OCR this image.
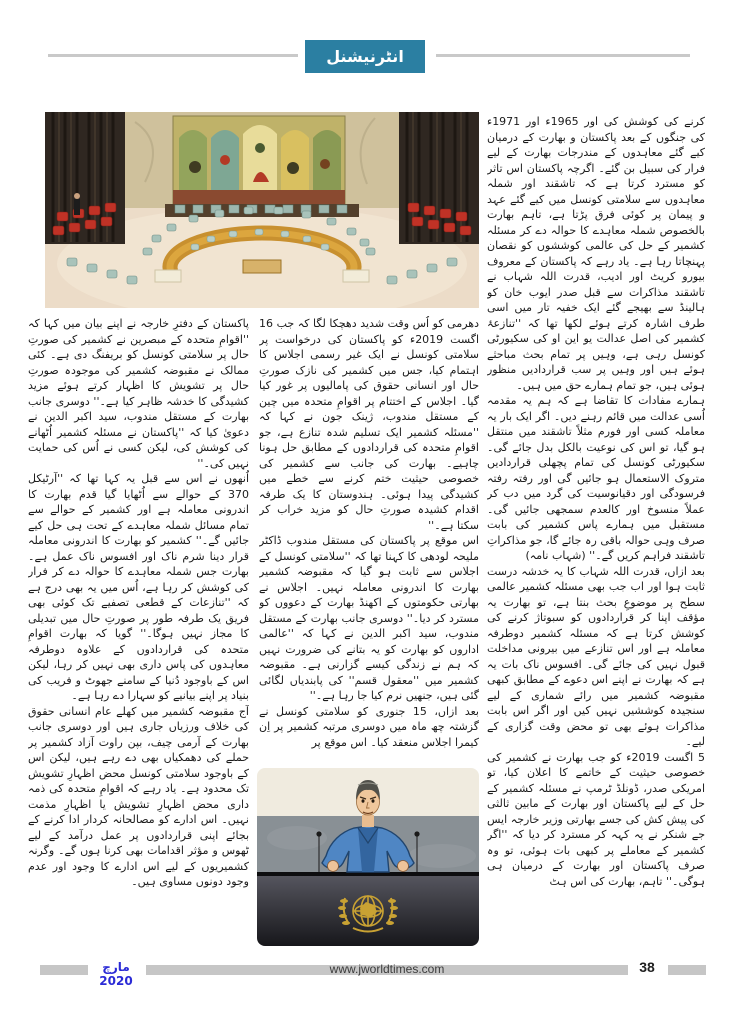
انٹرنیشنل

کرنے کی کوشش کی اور 1965ء اور 1971ء کی جنگوں کے بعد پاکستان و بھارت کے درمیان کیے گئے معاہدوں کے مندرجات بھارت کے لیے فرار کی سبیل بن گئے۔ اگرچہ پاکستان اس تاثر کو مسترد کرتا ہے کہ تاشقند اور شملہ معاہدوں سے سلامتی کونسل میں کیے گئے عہد و پیمان پر کوئی فرق پڑتا ہے، تاہم بھارت بالخصوص شملہ معاہدے کا حوالہ دے کر مسئلہ کشمیر کے حل کی عالمی کوششوں کو نقصان پہنچاتا رہا ہے۔ یاد رہے کہ پاکستان کے معروف بیورو کریٹ اور ادیب، قدرت اللہ شہاب نے تاشقند مذاکرات سے قبل صدر ایوب خان کو ہالینڈ سے بھیجے گئے ایک خفیہ تار میں اسی طرف اشارہ کرتے ہوئے لکھا تھا کہ ''تنازعۂ کشمیر کی اصل عدالت یو این او کی سکیورٹی کونسل رہی ہے، وہیں پر تمام بحث مباحثے ہوئے ہیں اور وہیں پر سب قراردادیں منظور ہوئی ہیں، جو تمام ہمارے حق میں ہیں۔

ہمارے مفادات کا تقاضا ہے کہ ہم یہ مقدمہ اُسی عدالت میں قائم رہنے دیں۔ اگر ایک بار یہ معاملہ کسی اور فورم مثلاً تاشقند میں منتقل ہو گیا، تو اس کی نوعیت بالکل بدل جائے گی۔ سکیورٹی کونسل کی تمام پچھلی قراردادیں متروک الاستعمال ہو جائیں گی اور رفتہ رفتہ فرسودگی اور دقیانوسیت کی گرد میں دب کر عملاً منسوخ اور کالعدم سمجھی جائیں گی۔ مستقبل میں ہمارے پاس کشمیر کی بابت صرف وہی حوالہ باقی رہ جائے گا، جو مذاکراتِ تاشقند فراہم کریں گے۔'' (شہاب نامہ)

بعد ازاں، قدرت اللہ شہاب کا یہ خدشہ درست ثابت ہوا اور اب جب بھی مسئلہ کشمیر عالمی سطح پر موضوعِ بحث بنتا ہے، تو بھارت یہ مؤقف اپنا کر قراردادوں کو سبوتاژ کرنے کی کوشش کرتا ہے کہ مسئلہ کشمیر دوطرفہ معاملہ ہے اور اس تنازعے میں بیرونی مداخلت قبول نہیں کی جائے گی۔ افسوس ناک بات یہ ہے کہ بھارت نے اپنے اس دعوے کے مطابق کبھی مقبوضہ کشمیر میں رائے شماری کے لیے سنجیدہ کوششیں نہیں کیں اور اگر اس بابت مذاکرات ہوئے بھی تو محض وقت گزاری کے لیے۔

5 اگست 2019ء کو جب بھارت نے کشمیر کی خصوصی حیثیت کے خاتمے کا اعلان کیا، تو امریکی صدر، ڈونلڈ ٹرمپ نے مسئلہ کشمیر کے حل کے لیے پاکستان اور بھارت کے مابین ثالثی کی پیش کش کی جسے بھارتی وزیر خارجہ ایس جے شنکر نے یہ کہہ کر مسترد کر دیا کہ ''اگر کشمیر کے معاملے پر کبھی بات ہوئی، تو وہ صرف پاکستان اور بھارت کے درمیان ہی ہوگی۔'' تاہم، بھارت کی اس ہٹ

دھرمی کو اُس وقت شدید دھچکا لگا کہ جب 16 اگست 2019ء کو پاکستان کی درخواست پر سلامتی کونسل نے ایک غیر رسمی اجلاس کا اہتمام کیا، جس میں کشمیر کی نازک صورتِ حال اور انسانی حقوق کی پامالیوں پر غور کیا گیا۔ اجلاس کے اختتام پر اقوامِ متحدہ میں چین کے مستقل مندوب، ژینک جون نے کہا کہ ''مسئلہ کشمیر ایک تسلیم شدہ تنازع ہے، جو اقوامِ متحدہ کی قراردادوں کے مطابق حل ہونا چاہیے۔ بھارت کی جانب سے کشمیر کی خصوصی حیثیت ختم کرنے سے خطے میں کشیدگی پیدا ہوئی۔ ہندوستان کا یک طرفہ اقدام کشیدہ صورتِ حال کو مزید خراب کر سکتا ہے۔''

اس موقع پر پاکستان کی مستقل مندوب ڈاکٹر ملیحہ لودھی کا کہنا تھا کہ ''سلامتی کونسل کے اجلاس سے ثابت ہو گیا کہ مقبوضہ کشمیر بھارت کا اندرونی معاملہ نہیں۔ اجلاس نے بھارتی حکومتوں کے اکھنڈ بھارت کے دعووں کو مسترد کر دیا۔'' دوسری جانب بھارت کے مستقل مندوب، سید اکبر الدین نے کہا کہ ''عالمی اداروں کو بھارت کو یہ بتانے کی ضرورت نہیں کہ ہم نے زندگی کیسے گزارنی ہے۔ مقبوضہ کشمیر میں ''معقول قسم'' کی پابندیاں لگائی گئی ہیں، جنھیں نرم کیا جا رہا ہے۔''

بعد ازاں، 15 جنوری کو سلامتی کونسل نے گزشتہ چھ ماہ میں دوسری مرتبہ کشمیر پر اِن کیمرا اجلاس منعقد کیا۔ اس موقع پر

پاکستان کے دفترِ خارجہ نے اپنے بیان میں کہا کہ ''اقوامِ متحدہ کے مبصرین نے کشمیر کی صورتِ حال پر سلامتی کونسل کو بریفنگ دی ہے۔ کئی ممالک نے مقبوضہ کشمیر کی موجودہ صورتِ حال پر تشویش کا اظہار کرتے ہوئے مزید کشیدگی کا خدشہ ظاہر کیا ہے۔'' دوسری جانب بھارت کے مستقل مندوب، سید اکبر الدین نے دعویٰ کیا کہ ''پاکستان نے مسئلہ کشمیر اُٹھانے کی کوشش کی، لیکن کسی نے اُس کی حمایت نہیں کی۔''

اُنھوں نے اس سے قبل یہ کہا تھا کہ ''آرٹیکل 370 کے حوالے سے اُٹھایا گیا قدم بھارت کا اندرونی معاملہ ہے اور کشمیر کے حوالے سے تمام مسائل شملہ معاہدے کے تحت ہی حل کیے جائیں گے۔'' کشمیر کو بھارت کا اندرونی معاملہ قرار دینا شرم ناک اور افسوس ناک عمل ہے۔ بھارت جس شملہ معاہدے کا حوالہ دے کر فرار کی کوشش کر رہا ہے، اُس میں یہ بھی درج ہے کہ ''تنازعات کے قطعی تصفیے تک کوئی بھی فریق یک طرفہ طور پر صورتِ حال میں تبدیلی کا مجاز نہیں ہوگا۔'' گویا کہ بھارت اقوامِ متحدہ کی قراردادوں کے علاوہ دوطرفہ معاہدوں کی پاس داری بھی نہیں کر رہا، لیکن اس کے باوجود دُنیا کے سامنے جھوٹ و فریب کی بنیاد پر اپنے بیانیے کو سہارا دے رہا ہے۔

آج مقبوضہ کشمیر میں کھلے عام انسانی حقوق کی خلاف ورزیاں جاری ہیں اور دوسری جانب بھارت کے آرمی چیف، بپن راوت آزاد کشمیر پر حملے کی دھمکیاں بھی دے رہے ہیں، لیکن اس کے باوجود سلامتی کونسل محض اظہارِ تشویش تک محدود ہے۔ یاد رہے کہ اقوامِ متحدہ کی ذمہ داری محض اظہارِ تشویش یا اظہارِ مذمت نہیں۔ اس ادارے کو مصالحانہ کردار ادا کرنے کے بجائے اپنی قراردادوں پر عمل درآمد کے لیے ٹھوس و مؤثر اقدامات بھی کرنا ہوں گے۔ وگرنہ کشمیریوں کے لیے اس ادارے کا وجود اور عدم وجود دونوں مساوی ہیں۔

مارچ 2020
www.jworldtimes.com	38
